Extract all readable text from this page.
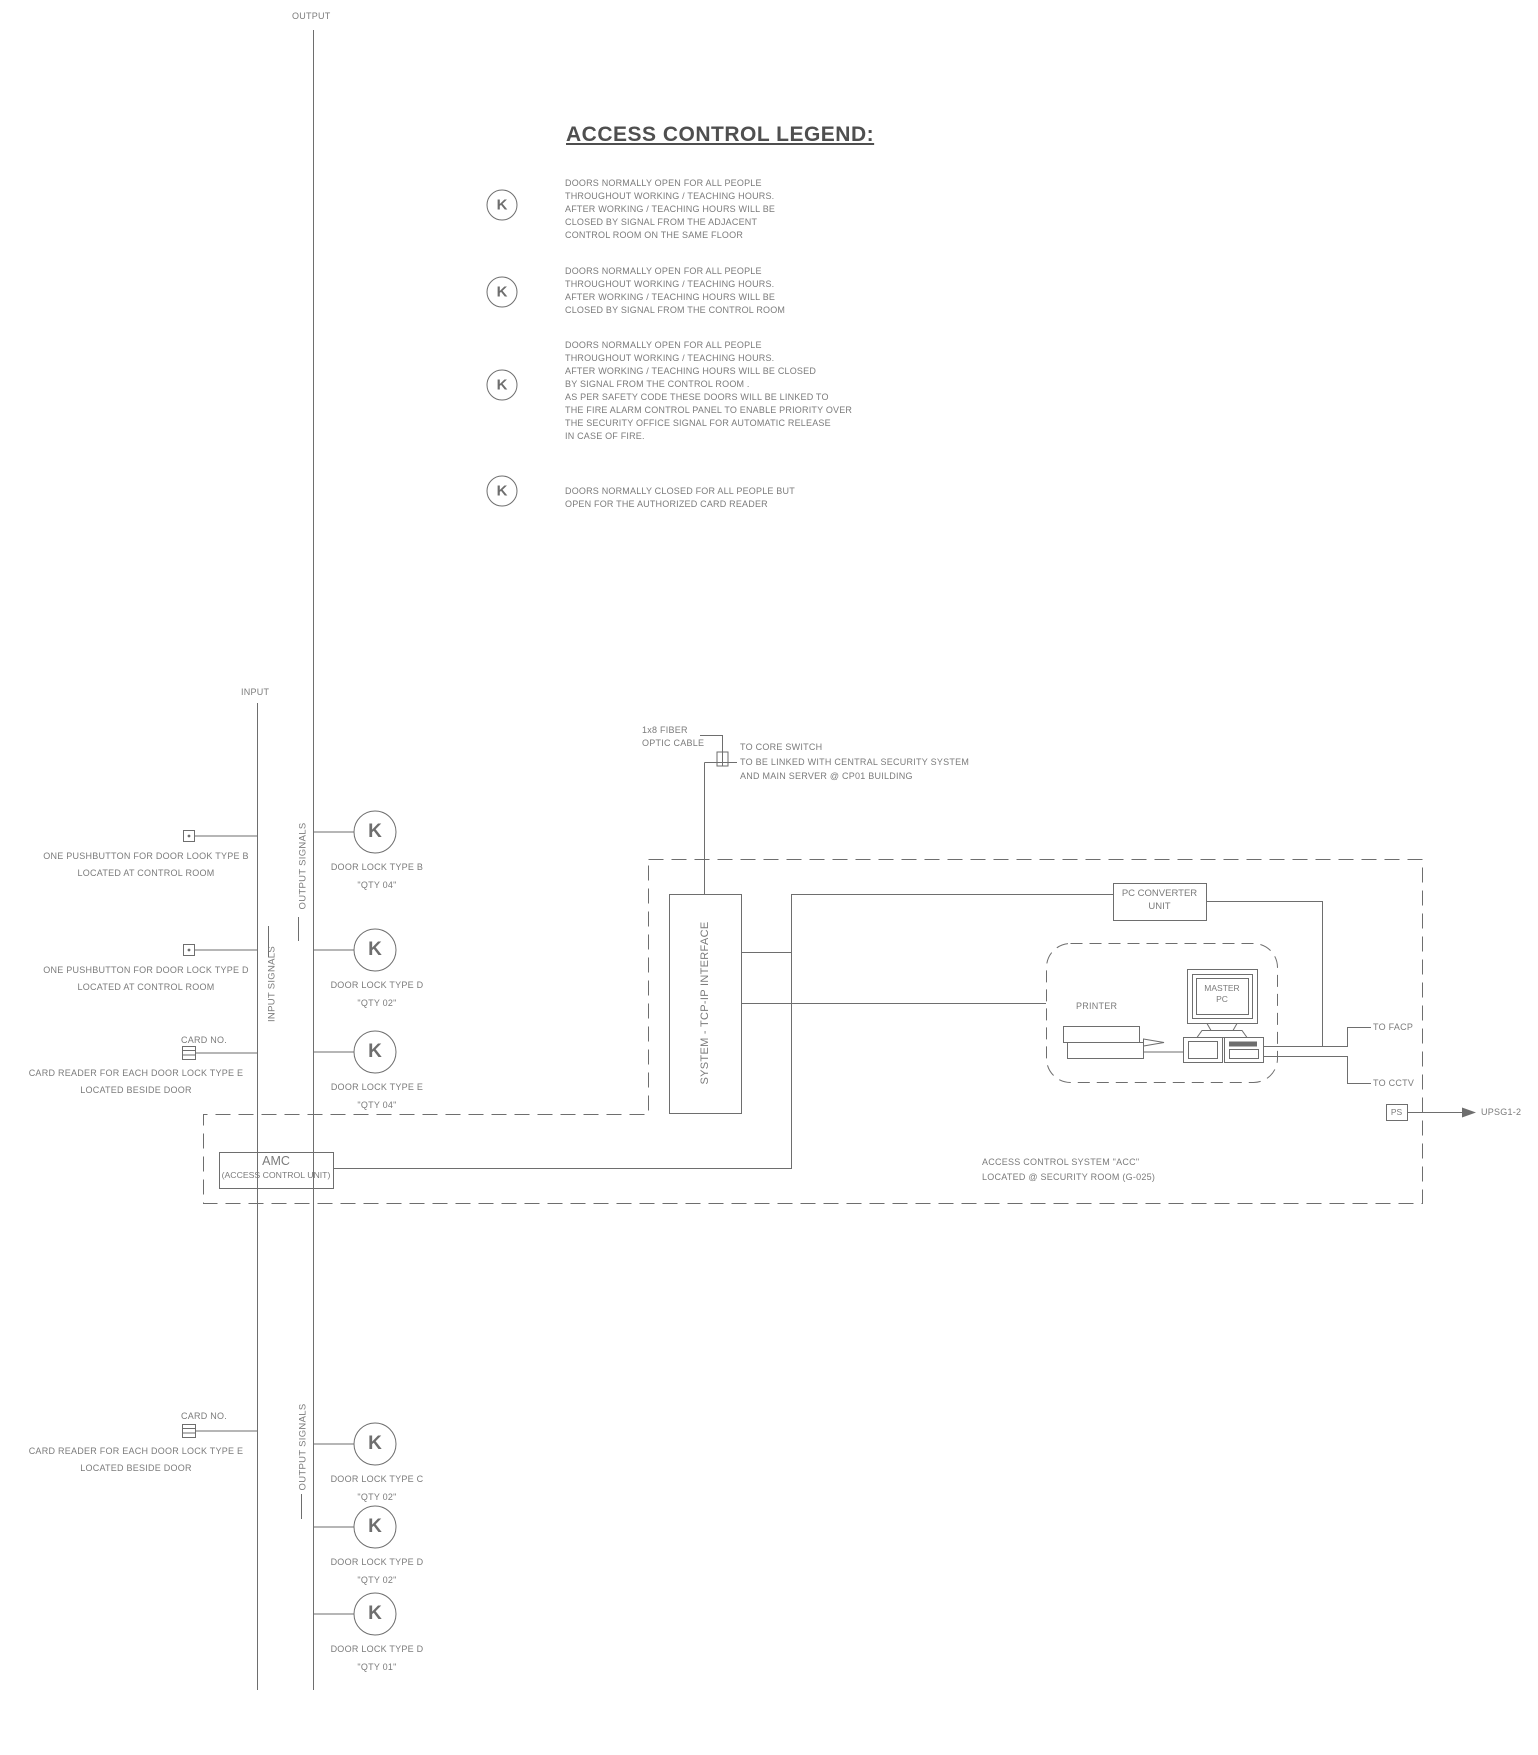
OUTPUT
INPUT
OUTPUT SIGNALS
INPUT SIGNALS
OUTPUT SIGNALS
ACCESS CONTROL LEGEND:
K
K
K
K
DOORS NORMALLY OPEN FOR ALL PEOPLE
THROUGHOUT WORKING / TEACHING HOURS.
AFTER WORKING / TEACHING HOURS WILL BE
CLOSED BY SIGNAL FROM THE ADJACENT
CONTROL ROOM ON THE SAME FLOOR
DOORS NORMALLY OPEN FOR ALL PEOPLE
THROUGHOUT WORKING / TEACHING HOURS.
AFTER WORKING / TEACHING HOURS WILL BE
CLOSED BY SIGNAL FROM THE CONTROL ROOM
DOORS NORMALLY OPEN FOR ALL PEOPLE
THROUGHOUT WORKING / TEACHING HOURS.
AFTER WORKING / TEACHING HOURS WILL BE CLOSED
BY SIGNAL FROM THE CONTROL ROOM .
AS PER SAFETY CODE THESE DOORS WILL BE LINKED TO
THE FIRE ALARM CONTROL PANEL TO ENABLE PRIORITY OVER
THE SECURITY OFFICE SIGNAL FOR AUTOMATIC RELEASE
IN CASE OF FIRE.
DOORS NORMALLY CLOSED FOR ALL PEOPLE BUT
OPEN FOR THE AUTHORIZED CARD READER
ONE PUSHBUTTON FOR DOOR LOOK TYPE B
LOCATED AT CONTROL ROOM
ONE PUSHBUTTON FOR DOOR LOCK TYPE D
LOCATED AT CONTROL ROOM
CARD NO.
CARD READER FOR EACH DOOR LOCK TYPE E
LOCATED BESIDE DOOR
CARD NO.
CARD READER FOR EACH DOOR LOCK TYPE E
LOCATED BESIDE DOOR
K
K
K
K
K
K
DOOR LOCK TYPE B
"QTY 04"
DOOR LOCK TYPE D
"QTY 02"
DOOR LOCK TYPE E
"QTY 04"
DOOR LOCK TYPE C
"QTY 02"
DOOR LOCK TYPE D
"QTY 02"
DOOR LOCK TYPE D
"QTY 01"
1x8 FIBER
OPTIC CABLE	TO CORE SWITCH
TO BE LINKED WITH CENTRAL SECURITY SYSTEM
AND MAIN SERVER @ CP01 BUILDING
SYSTEM - TCP-IP INTERFACE
PC CONVERTER
UNIT
PRINTER
MASTER
PC
TO FACP
TO CCTV
PS	UPSG1-2
ACCESS CONTROL SYSTEM "ACC"
LOCATED @ SECURITY ROOM (G-025)
AMC
(ACCESS CONTROL UNIT)
